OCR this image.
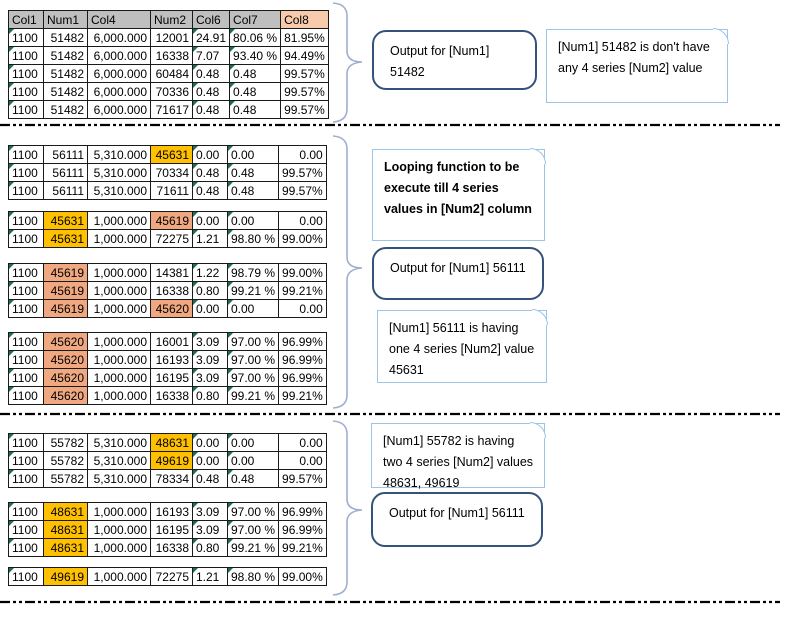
Col1	Num1	Col4	Num2	Col6	Col7	Col8
1100	51482	6,000.000	12001	24.91	80.06 %	81.95%
1100	51482	6,000.000	16338	7.07	93.40 %	94.49%
1100	51482	6,000.000	60484	0.48	0.48	99.57%
1100	51482	6,000.000	70336	0.48	0.48	99.57%
1100	51482	6,000.000	71617	0.48	0.48	99.57%
1100	56111	5,310.000	45631	0.00	0.00	0.00
1100	56111	5,310.000	70334	0.48	0.48	99.57%
1100	56111	5,310.000	71611	0.48	0.48	99.57%
1100	45631	1,000.000	45619	0.00	0.00	0.00
1100	45631	1,000.000	72275	1.21	98.80 %	99.00%
1100	45619	1,000.000	14381	1.22	98.79 %	99.00%
1100	45619	1,000.000	16338	0.80	99.21 %	99.21%
1100	45619	1,000.000	45620	0.00	0.00	0.00
1100	45620	1,000.000	16001	3.09	97.00 %	96.99%
1100	45620	1,000.000	16193	3.09	97.00 %	96.99%
1100	45620	1,000.000	16195	3.09	97.00 %	96.99%
1100	45620	1,000.000	16338	0.80	99.21 %	99.21%
1100	55782	5,310.000	48631	0.00	0.00	0.00
1100	55782	5,310.000	49619	0.00	0.00	0.00
1100	55782	5,310.000	78334	0.48	0.48	99.57%
1100	48631	1,000.000	16193	3.09	97.00 %	96.99%
1100	48631	1,000.000	16195	3.09	97.00 %	96.99%
1100	48631	1,000.000	16338	0.80	99.21 %	99.21%
1100	49619	1,000.000	72275	1.21	98.80 %	99.00%
Output for [Num1] 51482
[Num1] 51482 is don't have any 4 series [Num2] value
Looping function to be execute till 4 series values in [Num2] column
Output for [Num1] 56111
[Num1] 56111 is having one 4 series [Num2] value 45631
[Num1] 55782 is having two 4 series [Num2] values 48631, 49619
Output for [Num1] 56111
